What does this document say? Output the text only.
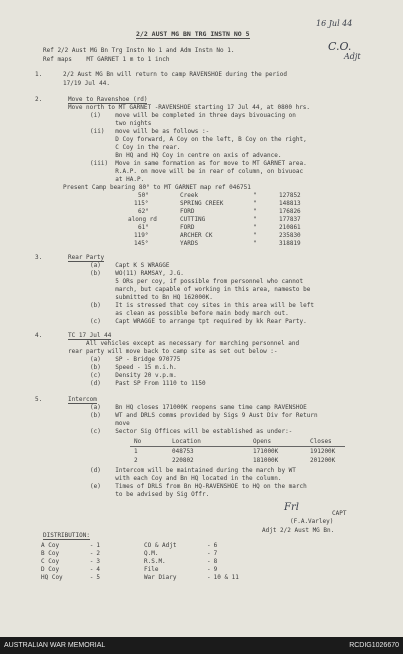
16 Jul 44
2/2 AUST MG BN TRG INSTN NO 5
Ref 2/2 Aust MG Bn Trg Instn No 1 and Adm Instn No 1.
Ref maps    MT GARNET 1 m to 1 inch
C.O.
Adjt
1.	2/2 Aust MG Bn will return to camp RAVENSHOE during the period
17/19 Jul 44.
2.	Move to Ravenshoe (rd)
Move north to MT GARNET -RAVENSHOE starting 17 Jul 44, at 0800 hrs.
(i)    move will be completed in three days bivouacing on
two nights
(ii)   move will be as follows :-
D Coy forward, A Coy on the left, B Coy on the right,
C Coy in the rear.
Bn HQ and HQ Coy in centre on axis of advance.
(iii)  Move in same formation as for move to MT GARNET area.
R.A.P. on move will be in rear of column, on bivuoac
at HA.P.
Present Camp bearing 80° to MT GARNET map ref 046751
50°	Creek	"	127852
115°	SPRING CREEK	"	148813
62°	FORD	"	176826
along rd	CUTTING	"	177837
61°	FORD	"	210861
119°	ARCHER CK	"	235830
145°	YARDS	"	318819
3.	Rear Party
(a)    Capt K S WRAGGE
(b)    WO(11) RAMSAY, J.G.
5 ORs per coy, if possible from personnel who cannot
march, but capable of working in this area, namesto be
submitted to Bn HQ 162000K.
(b)    It is stressed that coy sites in this area will be left
as clean as possible before main body march out.
(c)    Capt WRAGGE to arrange tpt required by kk Rear Party.
4.	TC 17 Jul 44
All vehicles except as necessary for marching personnel and
rear party will move back to camp site as set out below :-
(a)    SP - Bridge 970775
(b)    Speed - 15 m.i.h.
(c)    Density 20 v.p.m.
(d)    Past SP From 1110 to 1150
5.	Intercom
(a)    Bn HQ closes 171000K reopens same time camp RAVENSHOE
(b)    WT and DRLS comms provided by Sigs 9 Aust Div for Return
move
(c)    Sector Sig Offices will be established as under:-
No	Location	Opens	Closes
1	048753	171000K	191200K
2	220802	181000K	201200K
(d)    Intercom will be maintained during the march by WT
with each Coy and Bn HQ located in the column.
(e)    Times of DRLS from Bn HQ-RAVENSHOE to HQ on the march
to be advised by Sig Offr.
Frl
CAPT
(F.A.Varley)
Adjt 2/2 Aust MG Bn.
DISTRIBUTION:
A Coy	-	1
B Coy	-	2
C Coy	-	3
D Coy	-	4
HQ Coy	-	5
CO & Adjt	-	6
Q.M.	-	7
R.S.M.	-	8
File	-	9
War Diary	-	10 & 11
AUSTRALIAN WAR MEMORIAL	RCDIG1026670
